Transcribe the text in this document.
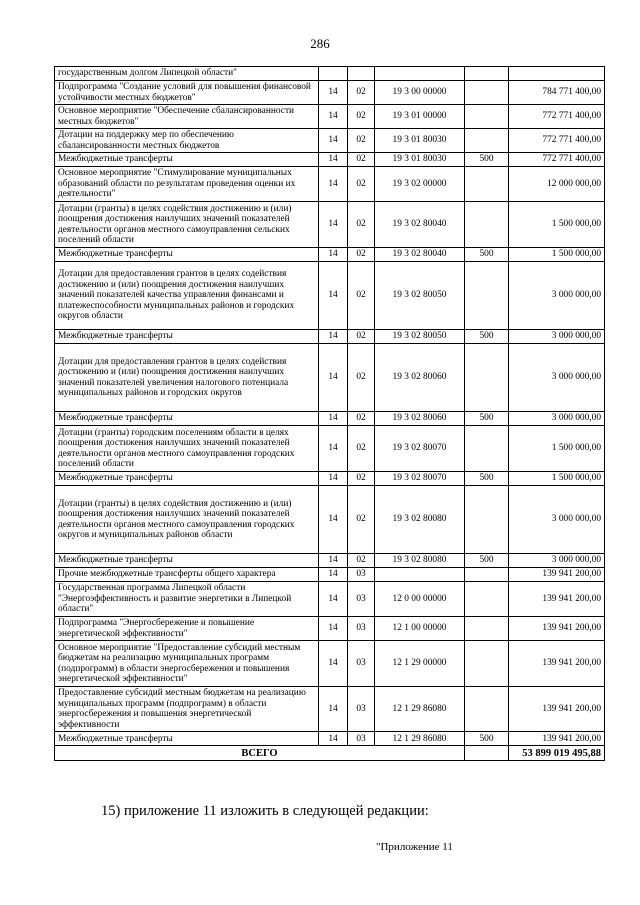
286
государственным долгом Липецкой области"					
Подпрограмма "Создание условий для повышения финансовой устойчивости местных бюджетов"	14	02	19 3 00 00000		784 771 400,00
Основное мероприятие "Обеспечение сбалансированности местных бюджетов"	14	02	19 3 01 00000		772 771 400,00
Дотации на поддержку мер по обеспечению сбалансированности местных бюджетов	14	02	19 3 01 80030		772 771 400,00
Межбюджетные трансферты	14	02	19 3 01 80030	500	772 771 400,00
Основное мероприятие "Стимулирование муниципальных образований области по результатам проведения оценки их деятельности"	14	02	19 3 02 00000		12 000 000,00
Дотации (гранты) в целях содействия достижению и (или) поощрения достижения наилучших значений показателей деятельности органов местного самоуправления сельских поселений области	14	02	19 3 02 80040		1 500 000,00
Межбюджетные трансферты	14	02	19 3 02 80040	500	1 500 000,00
Дотации для предоставления грантов в целях содействия достижению и (или) поощрения достижения наилучших значений показателей качества управления финансами и платежеспособности муниципальных районов и городских округов области	14	02	19 3 02 80050		3 000 000,00
Межбюджетные трансферты	14	02	19 3 02 80050	500	3 000 000,00
Дотации для предоставления грантов в целях содействия достижению и (или) поощрения достижения наилучших значений показателей увеличения налогового потенциала муниципальных районов и городских округов	14	02	19 3 02 80060		3 000 000,00
Межбюджетные трансферты	14	02	19 3 02 80060	500	3 000 000,00
Дотации (гранты) городским поселениям области в целях поощрения достижения наилучших значений показателей деятельности органов местного самоуправления городских поселений области	14	02	19 3 02 80070		1 500 000,00
Межбюджетные трансферты	14	02	19 3 02 80070	500	1 500 000,00
Дотации (гранты) в целях содействия достижению и (или) поощрения достижения наилучших значений показателей деятельности органов местного самоуправления городских округов и муниципальных районов области	14	02	19 3 02 80080		3 000 000,00
Межбюджетные трансферты	14	02	19 3 02 80080	500	3 000 000,00
Прочие межбюджетные трансферты общего характера	14	03			139 941 200,00
Государственная программа Липецкой области "Энергоэффективность и развитие энергетики в Липецкой области"	14	03	12 0 00 00000		139 941 200,00
Подпрограмма "Энергосбережение и повышение энергетической эффективности"	14	03	12 1 00 00000		139 941 200,00
Основное мероприятие "Предоставление субсидий местным бюджетам на реализацию муниципальных программ (подпрограмм) в области энергосбережения и повышения энергетической эффективности"	14	03	12 1 29 00000		139 941 200,00
Предоставление субсидий местным бюджетам на реализацию муниципальных программ (подпрограмм) в области энергосбережения и повышения энергетической эффективности	14	03	12 1 29 86080		139 941 200,00
Межбюджетные трансферты	14	03	12 1 29 86080	500	139 941 200,00
ВСЕГО					53 899 019 495,88
15) приложение 11 изложить в следующей редакции:
"Приложение 11
